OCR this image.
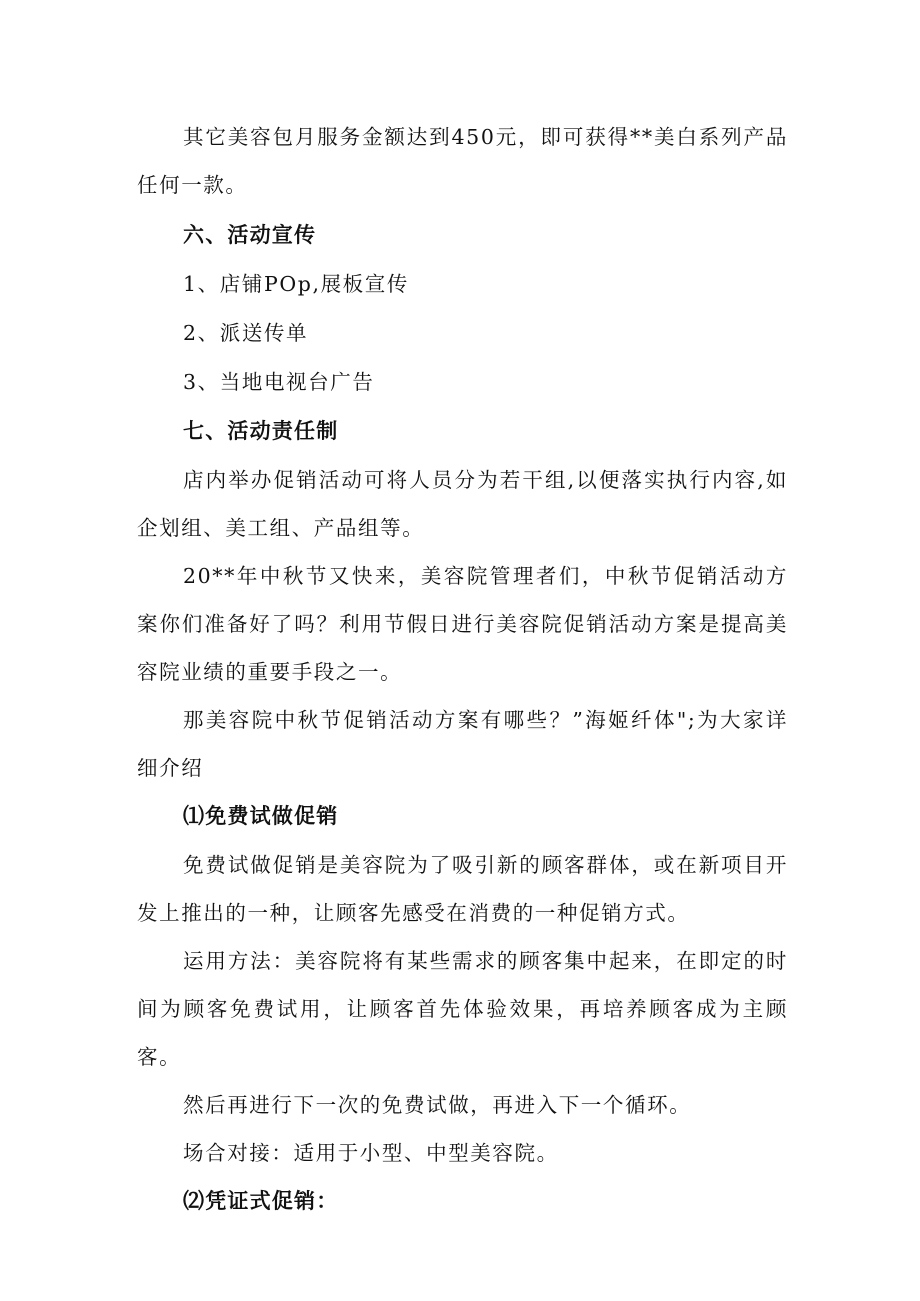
其它美容包月服务金额达到450元，即可获得**美白系列产品任何一款。

六、活动宣传

1、店铺POp,展板宣传

2、派送传单

3、当地电视台广告

七、活动责任制

店内举办促销活动可将人员分为若干组,以便落实执行内容,如企划组、美工组、产品组等。

20**年中秋节又快来，美容院管理者们，中秋节促销活动方案你们准备好了吗？利用节假日进行美容院促销活动方案是提高美容院业绩的重要手段之一。

那美容院中秋节促销活动方案有哪些？”海姬纤体";为大家详细介绍

⑴免费试做促销

免费试做促销是美容院为了吸引新的顾客群体，或在新项目开发上推出的一种，让顾客先感受在消费的一种促销方式。

运用方法：美容院将有某些需求的顾客集中起来，在即定的时间为顾客免费试用，让顾客首先体验效果，再培养顾客成为主顾客。

然后再进行下一次的免费试做，再进入下一个循环。

场合对接：适用于小型、中型美容院。

⑵凭证式促销：
